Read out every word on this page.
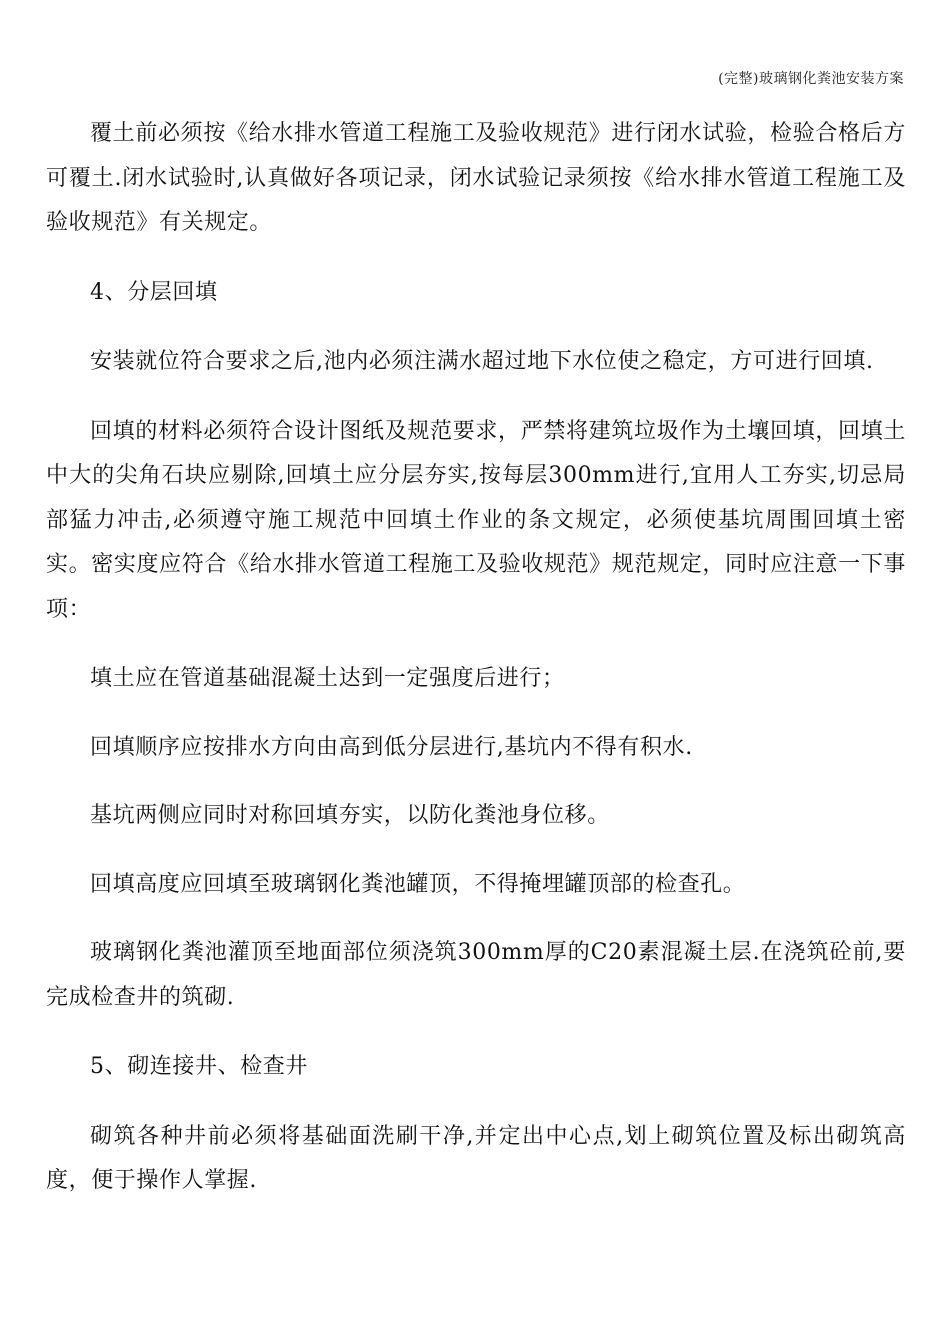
(完整)玻璃钢化粪池安装方案

覆土前必须按《给水排水管道工程施工及验收规范》进行闭水试验，检验合格后方可覆土.闭水试验时,认真做好各项记录，闭水试验记录须按《给水排水管道工程施工及验收规范》有关规定。

4、分层回填

安装就位符合要求之后,池内必须注满水超过地下水位使之稳定，方可进行回填.

回填的材料必须符合设计图纸及规范要求，严禁将建筑垃圾作为土壤回填，回填土中大的尖角石块应剔除,回填土应分层夯实,按每层300mm进行,宜用人工夯实,切忌局部猛力冲击,必须遵守施工规范中回填土作业的条文规定，必须使基坑周围回填土密实。密实度应符合《给水排水管道工程施工及验收规范》规范规定，同时应注意一下事项：

填土应在管道基础混凝土达到一定强度后进行；

回填顺序应按排水方向由高到低分层进行,基坑内不得有积水.

基坑两侧应同时对称回填夯实，以防化粪池身位移。

回填高度应回填至玻璃钢化粪池罐顶，不得掩埋罐顶部的检查孔。

玻璃钢化粪池灌顶至地面部位须浇筑300mm厚的C20素混凝土层.在浇筑砼前,要完成检查井的筑砌.

5、砌连接井、检查井

砌筑各种井前必须将基础面洗刷干净,并定出中心点,划上砌筑位置及标出砌筑高度，便于操作人掌握.
